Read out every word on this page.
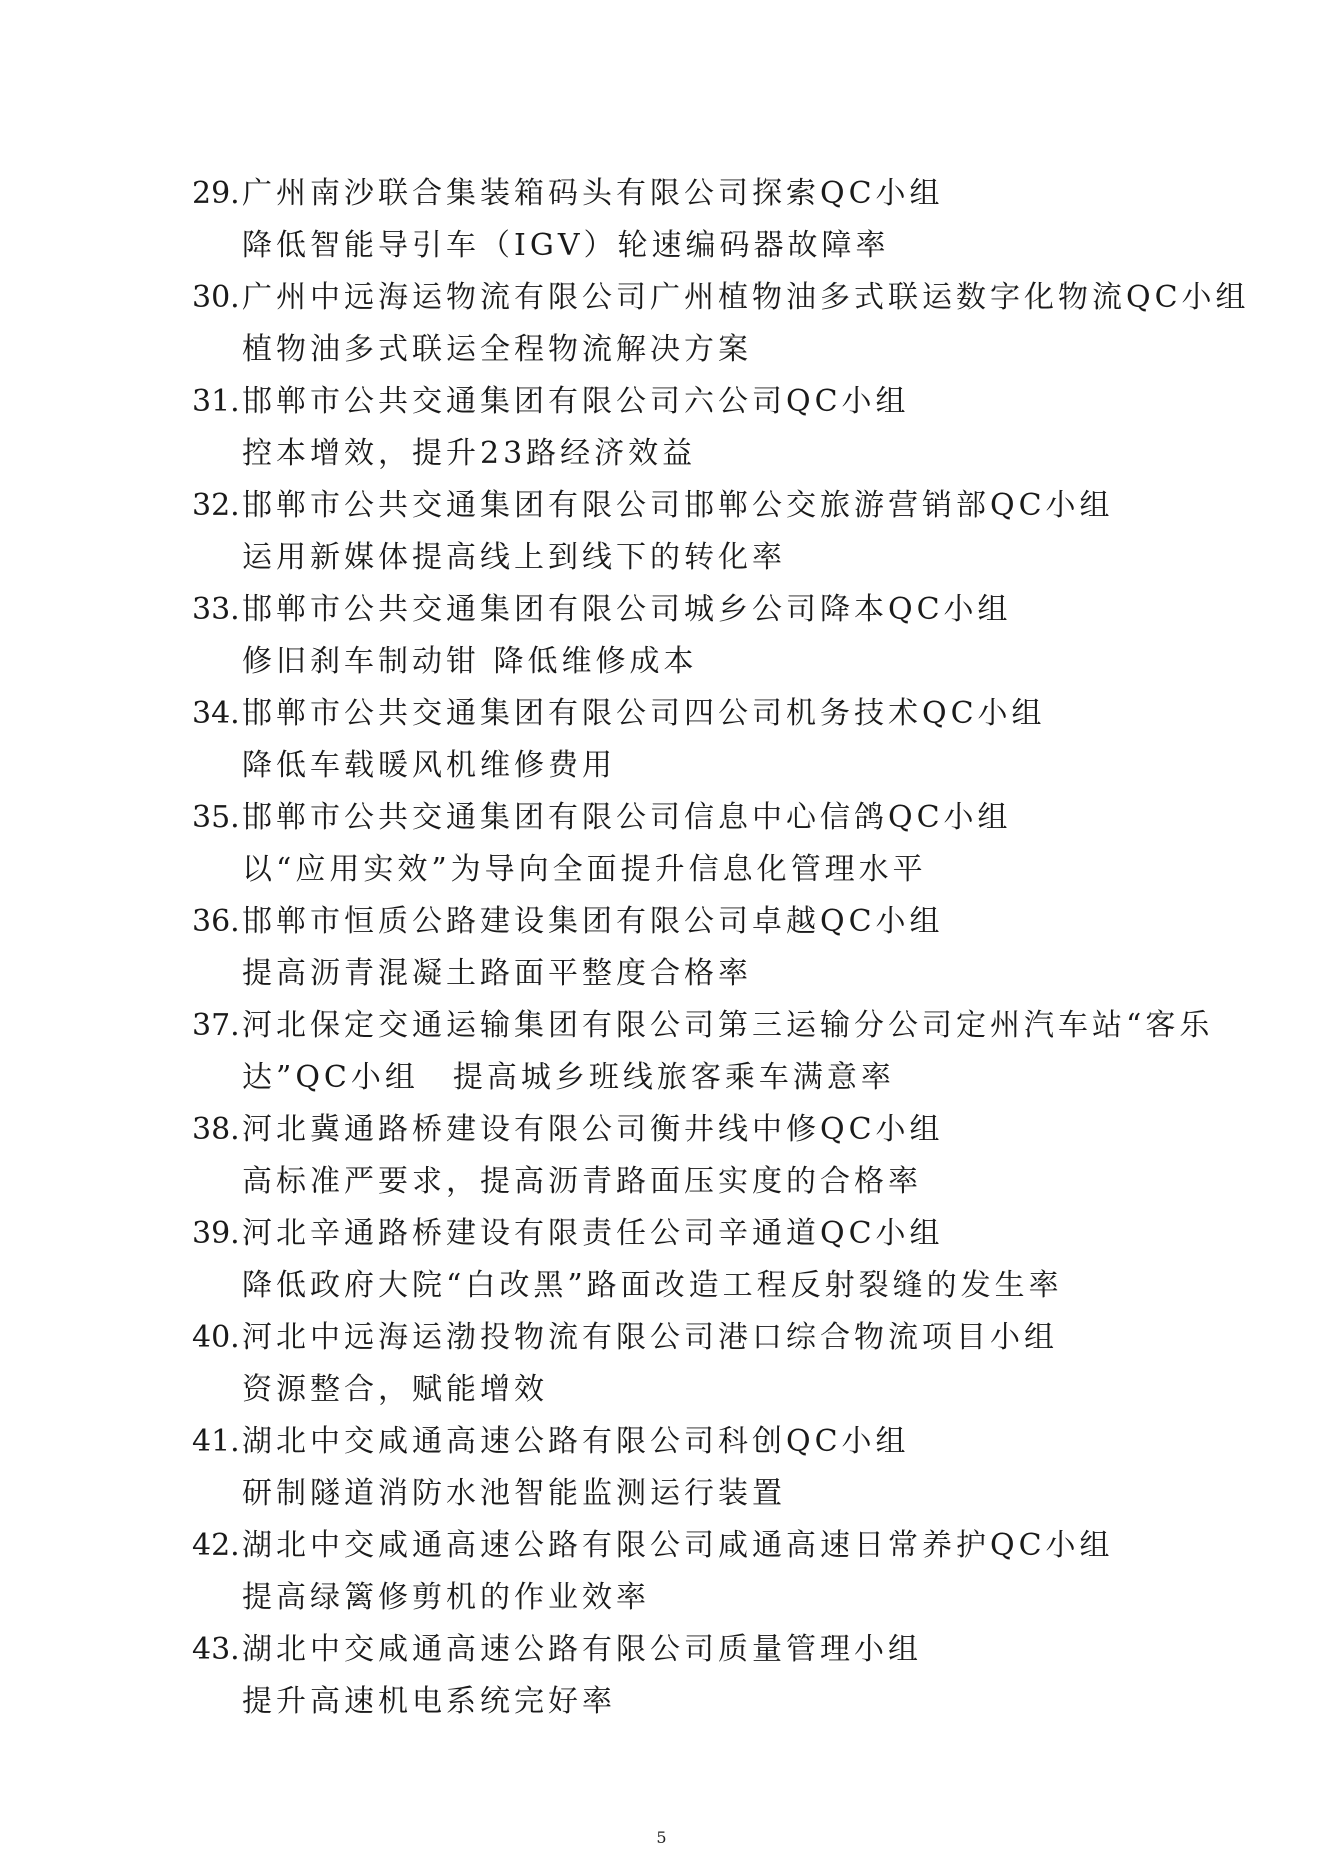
29.广州南沙联合集装箱码头有限公司探索QC小组
降低智能导引车（IGV）轮速编码器故障率
30.广州中远海运物流有限公司广州植物油多式联运数字化物流QC小组
植物油多式联运全程物流解决方案
31.邯郸市公共交通集团有限公司六公司QC小组
控本增效，提升23路经济效益
32.邯郸市公共交通集团有限公司邯郸公交旅游营销部QC小组
运用新媒体提高线上到线下的转化率
33.邯郸市公共交通集团有限公司城乡公司降本QC小组
修旧刹车制动钳 降低维修成本
34.邯郸市公共交通集团有限公司四公司机务技术QC小组
降低车载暖风机维修费用
35.邯郸市公共交通集团有限公司信息中心信鸽QC小组
以“应用实效”为导向全面提升信息化管理水平
36.邯郸市恒质公路建设集团有限公司卓越QC小组
提高沥青混凝土路面平整度合格率
37.河北保定交通运输集团有限公司第三运输分公司定州汽车站“客乐
达”QC小组　提高城乡班线旅客乘车满意率
38.河北冀通路桥建设有限公司衡井线中修QC小组
高标准严要求，提高沥青路面压实度的合格率
39.河北辛通路桥建设有限责任公司辛通道QC小组
降低政府大院“白改黑”路面改造工程反射裂缝的发生率
40.河北中远海运渤投物流有限公司港口综合物流项目小组
资源整合，赋能增效
41.湖北中交咸通高速公路有限公司科创QC小组
研制隧道消防水池智能监测运行装置
42.湖北中交咸通高速公路有限公司咸通高速日常养护QC小组
提高绿篱修剪机的作业效率
43.湖北中交咸通高速公路有限公司质量管理小组
提升高速机电系统完好率
5
